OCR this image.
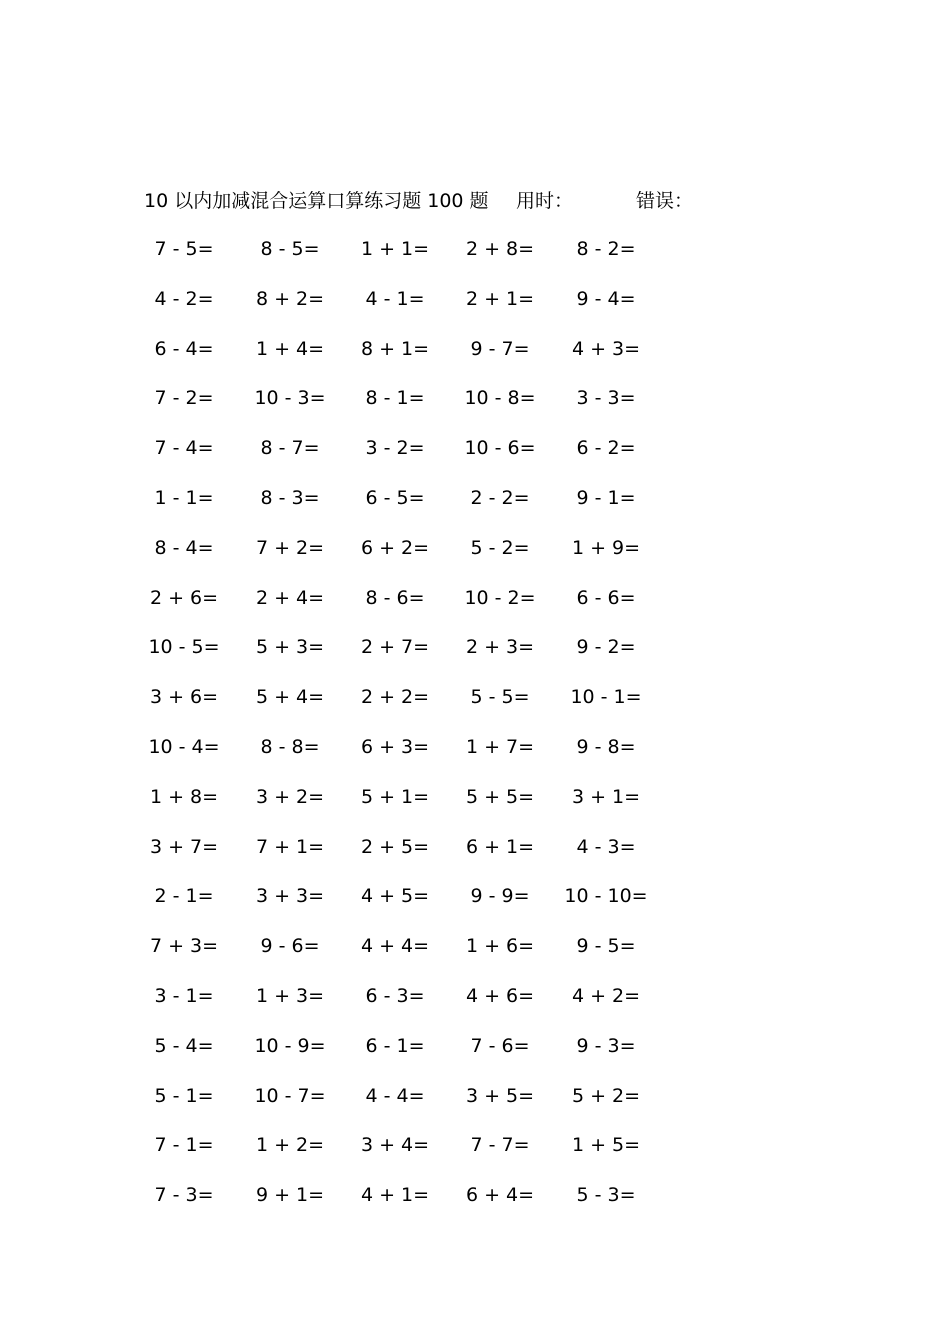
10 以内加减混合运算口算练习题 100 题 用时：	错误：
7 - 5=	8 - 5=	1 + 1=	2 + 8=	8 - 2=
4 - 2=	8 + 2=	4 - 1=	2 + 1=	9 - 4=
6 - 4=	1 + 4=	8 + 1=	9 - 7=	4 + 3=
7 - 2=	10 - 3=	8 - 1=	10 - 8=	3 - 3=
7 - 4=	8 - 7=	3 - 2=	10 - 6=	6 - 2=
1 - 1=	8 - 3=	6 - 5=	2 - 2=	9 - 1=
8 - 4=	7 + 2=	6 + 2=	5 - 2=	1 + 9=
2 + 6=	2 + 4=	8 - 6=	10 - 2=	6 - 6=
10 - 5=	5 + 3=	2 + 7=	2 + 3=	9 - 2=
3 + 6=	5 + 4=	2 + 2=	5 - 5=	10 - 1=
10 - 4=	8 - 8=	6 + 3=	1 + 7=	9 - 8=
1 + 8=	3 + 2=	5 + 1=	5 + 5=	3 + 1=
3 + 7=	7 + 1=	2 + 5=	6 + 1=	4 - 3=
2 - 1=	3 + 3=	4 + 5=	9 - 9=	10 - 10=
7 + 3=	9 - 6=	4 + 4=	1 + 6=	9 - 5=
3 - 1=	1 + 3=	6 - 3=	4 + 6=	4 + 2=
5 - 4=	10 - 9=	6 - 1=	7 - 6=	9 - 3=
5 - 1=	10 - 7=	4 - 4=	3 + 5=	5 + 2=
7 - 1=	1 + 2=	3 + 4=	7 - 7=	1 + 5=
7 - 3=	9 + 1=	4 + 1=	6 + 4=	5 - 3=
